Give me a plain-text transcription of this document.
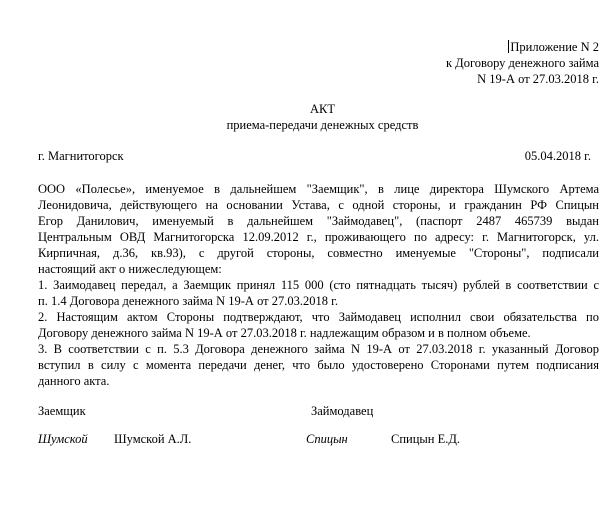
Приложение N 2
к Договору денежного займа
N 19-А от 27.03.2018 г.
АКТ
приема-передачи денежных средств
г. Магнитогорск	05.04.2018 г.
ООО «Полесье», именуемое в дальнейшем "Заемщик", в лице директора Шумского Артема
Леонидовича, действующего на основании Устава, с одной стороны, и гражданин РФ Спицын
Егор Данилович, именуемый в дальнейшем "Займодавец", (паспорт 2487 465739 выдан
Центральным ОВД Магнитогорска 12.09.2012 г., проживающего по адресу: г. Магнитогорск, ул.
Кирпичная, д.36, кв.93), с другой стороны, совместно именуемые "Стороны", подписали
настоящий акт о нижеследующем:
1. Заимодавец передал, а Заемщик принял 115 000 (сто пятнадцать тысяч) рублей в соответствии с
п. 1.4 Договора денежного займа N 19-А от 27.03.2018 г.
2. Настоящим актом Стороны подтверждают, что Займодавец исполнил свои обязательства по
Договору денежного займа N 19-А от 27.03.2018 г. надлежащим образом и в полном объеме.
3. В соответствии с п. 5.3 Договора денежного займа N 19-А от 27.03.2018 г. указанный Договор
вступил в силу с момента передачи денег, что было удостоверено Сторонами путем подписания
данного акта.
Заемщик	Займодавец
Шумской Шумской А.Л.	Спицын	Спицын Е.Д.
